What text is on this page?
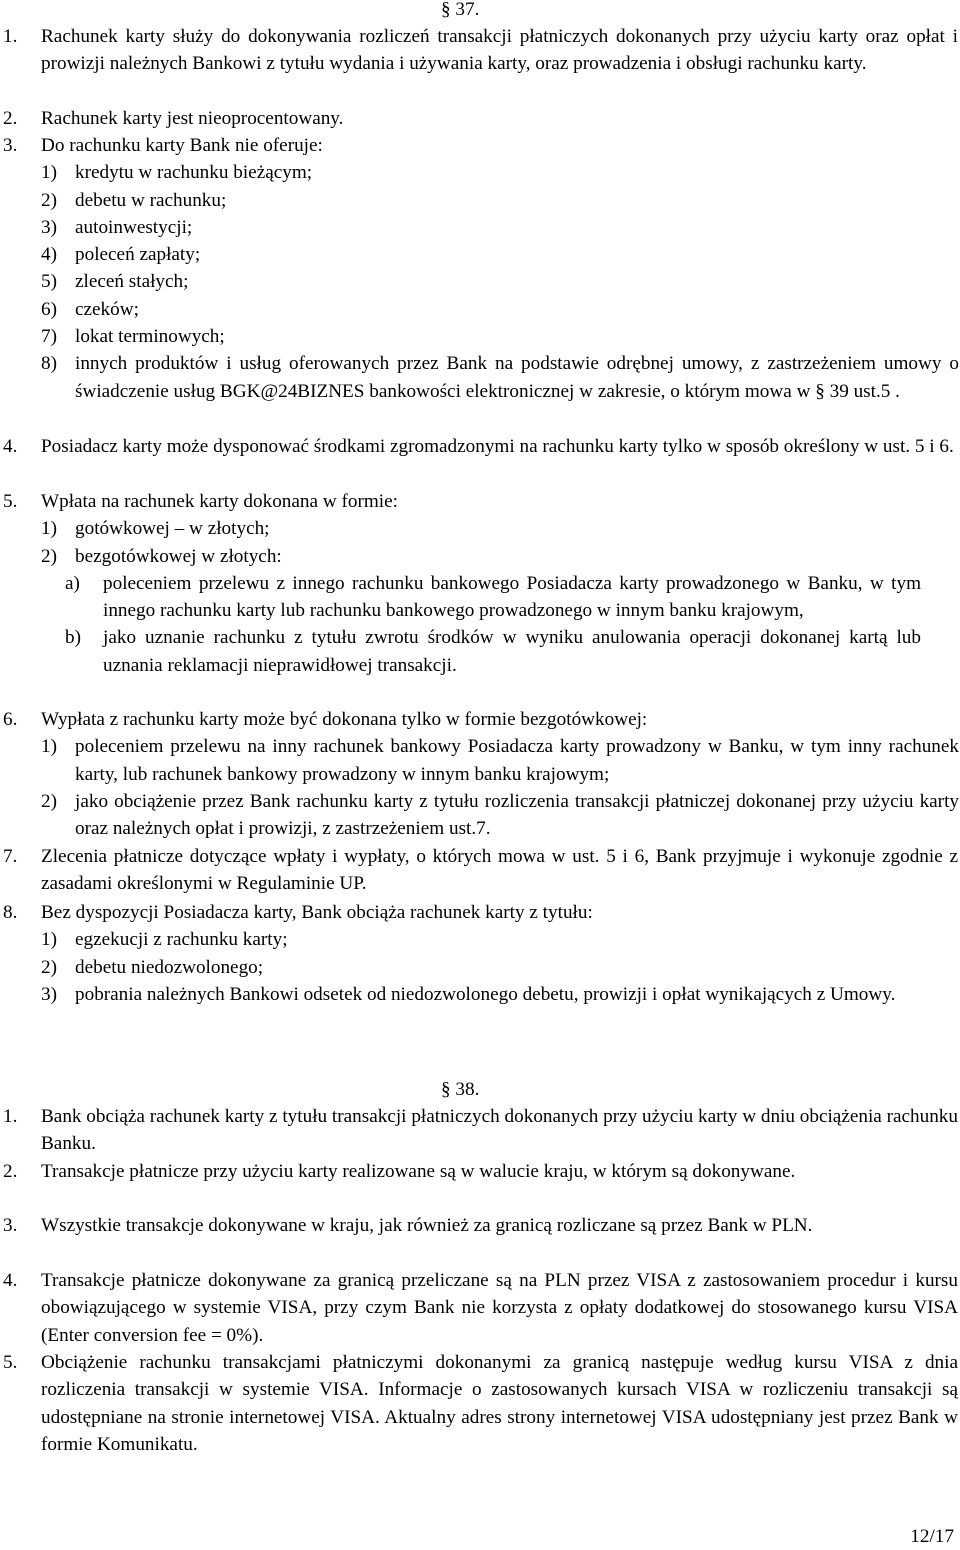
§ 37.
1. Rachunek karty służy do dokonywania rozliczeń transakcji płatniczych dokonanych przy użyciu karty oraz opłat i prowizji należnych Bankowi z tytułu wydania i używania karty, oraz prowadzenia i obsługi rachunku karty.
2. Rachunek karty jest nieoprocentowany.
3. Do rachunku karty Bank nie oferuje:
1) kredytu w rachunku bieżącym;
2) debetu w rachunku;
3) autoinwestycji;
4) poleceń zapłaty;
5) zleceń stałych;
6) czeków;
7) lokat terminowych;
8) innych produktów i usług oferowanych przez Bank na podstawie odrębnej umowy, z zastrzeżeniem umowy o świadczenie usług BGK@24BIZNES bankowości elektronicznej w zakresie, o którym mowa w § 39 ust.5 .
4. Posiadacz karty może dysponować środkami zgromadzonymi na rachunku karty tylko w sposób określony w ust. 5 i 6.
5. Wpłata na rachunek karty dokonana w formie:
1) gotówkowej – w złotych;
2) bezgotówkowej w złotych:
a) poleceniem przelewu z innego rachunku bankowego Posiadacza karty prowadzonego w Banku, w tym innego rachunku karty lub rachunku bankowego prowadzonego w innym banku krajowym,
b) jako uznanie rachunku z tytułu zwrotu środków w wyniku anulowania operacji dokonanej kartą lub uznania reklamacji nieprawidłowej transakcji.
6. Wypłata z rachunku karty może być dokonana tylko w formie bezgotówkowej:
1) poleceniem przelewu na inny rachunek bankowy Posiadacza karty prowadzony w Banku, w tym inny rachunek karty, lub rachunek bankowy prowadzony w innym banku krajowym;
2) jako obciążenie przez Bank rachunku karty z tytułu rozliczenia transakcji płatniczej dokonanej przy użyciu karty oraz należnych opłat i prowizji, z zastrzeżeniem ust.7.
7. Zlecenia płatnicze dotyczące wpłaty i wypłaty, o których mowa w ust. 5 i 6, Bank przyjmuje i wykonuje zgodnie z zasadami określonymi w Regulaminie UP.
8. Bez dyspozycji Posiadacza karty, Bank obciąża rachunek karty z tytułu:
1) egzekucji z rachunku karty;
2) debetu niedozwolonego;
3) pobrania należnych Bankowi odsetek od niedozwolonego debetu, prowizji i opłat wynikających z Umowy.
§ 38.
1. Bank obciąża rachunek karty z tytułu transakcji płatniczych dokonanych przy użyciu karty w dniu obciążenia rachunku Banku.
2. Transakcje płatnicze przy użyciu karty realizowane są w walucie kraju, w którym są dokonywane.
3. Wszystkie transakcje dokonywane w kraju, jak również za granicą rozliczane są przez Bank w PLN.
4. Transakcje płatnicze dokonywane za granicą przeliczane są na PLN przez VISA z zastosowaniem procedur i kursu obowiązującego w systemie VISA, przy czym Bank nie korzysta z opłaty dodatkowej do stosowanego kursu VISA (Enter conversion fee = 0%).
5. Obciążenie rachunku transakcjami płatniczymi dokonanymi za granicą następuje według kursu VISA z dnia rozliczenia transakcji w systemie VISA. Informacje o zastosowanych kursach VISA w rozliczeniu transakcji są udostępniane na stronie internetowej VISA. Aktualny adres strony internetowej VISA udostępniany jest przez Bank w formie Komunikatu.
12/17
